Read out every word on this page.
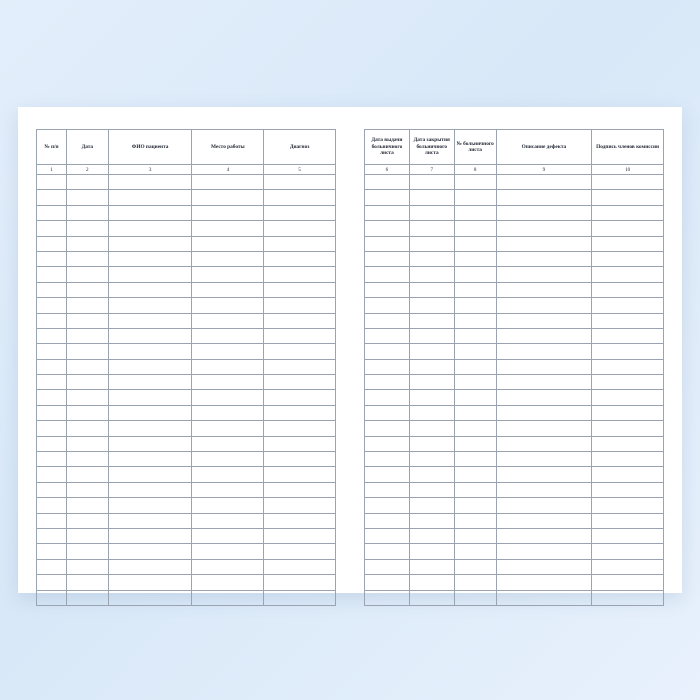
№ п/п	Дата	ФИО пациента	Место работы	Диагноз
1	2	3	4	5

Дата выдачи больничного листа	Дата закрытия больничного листа	№ больничного листа	Описание дефекта	Подпись членов комиссии
6	7	8	9	10
